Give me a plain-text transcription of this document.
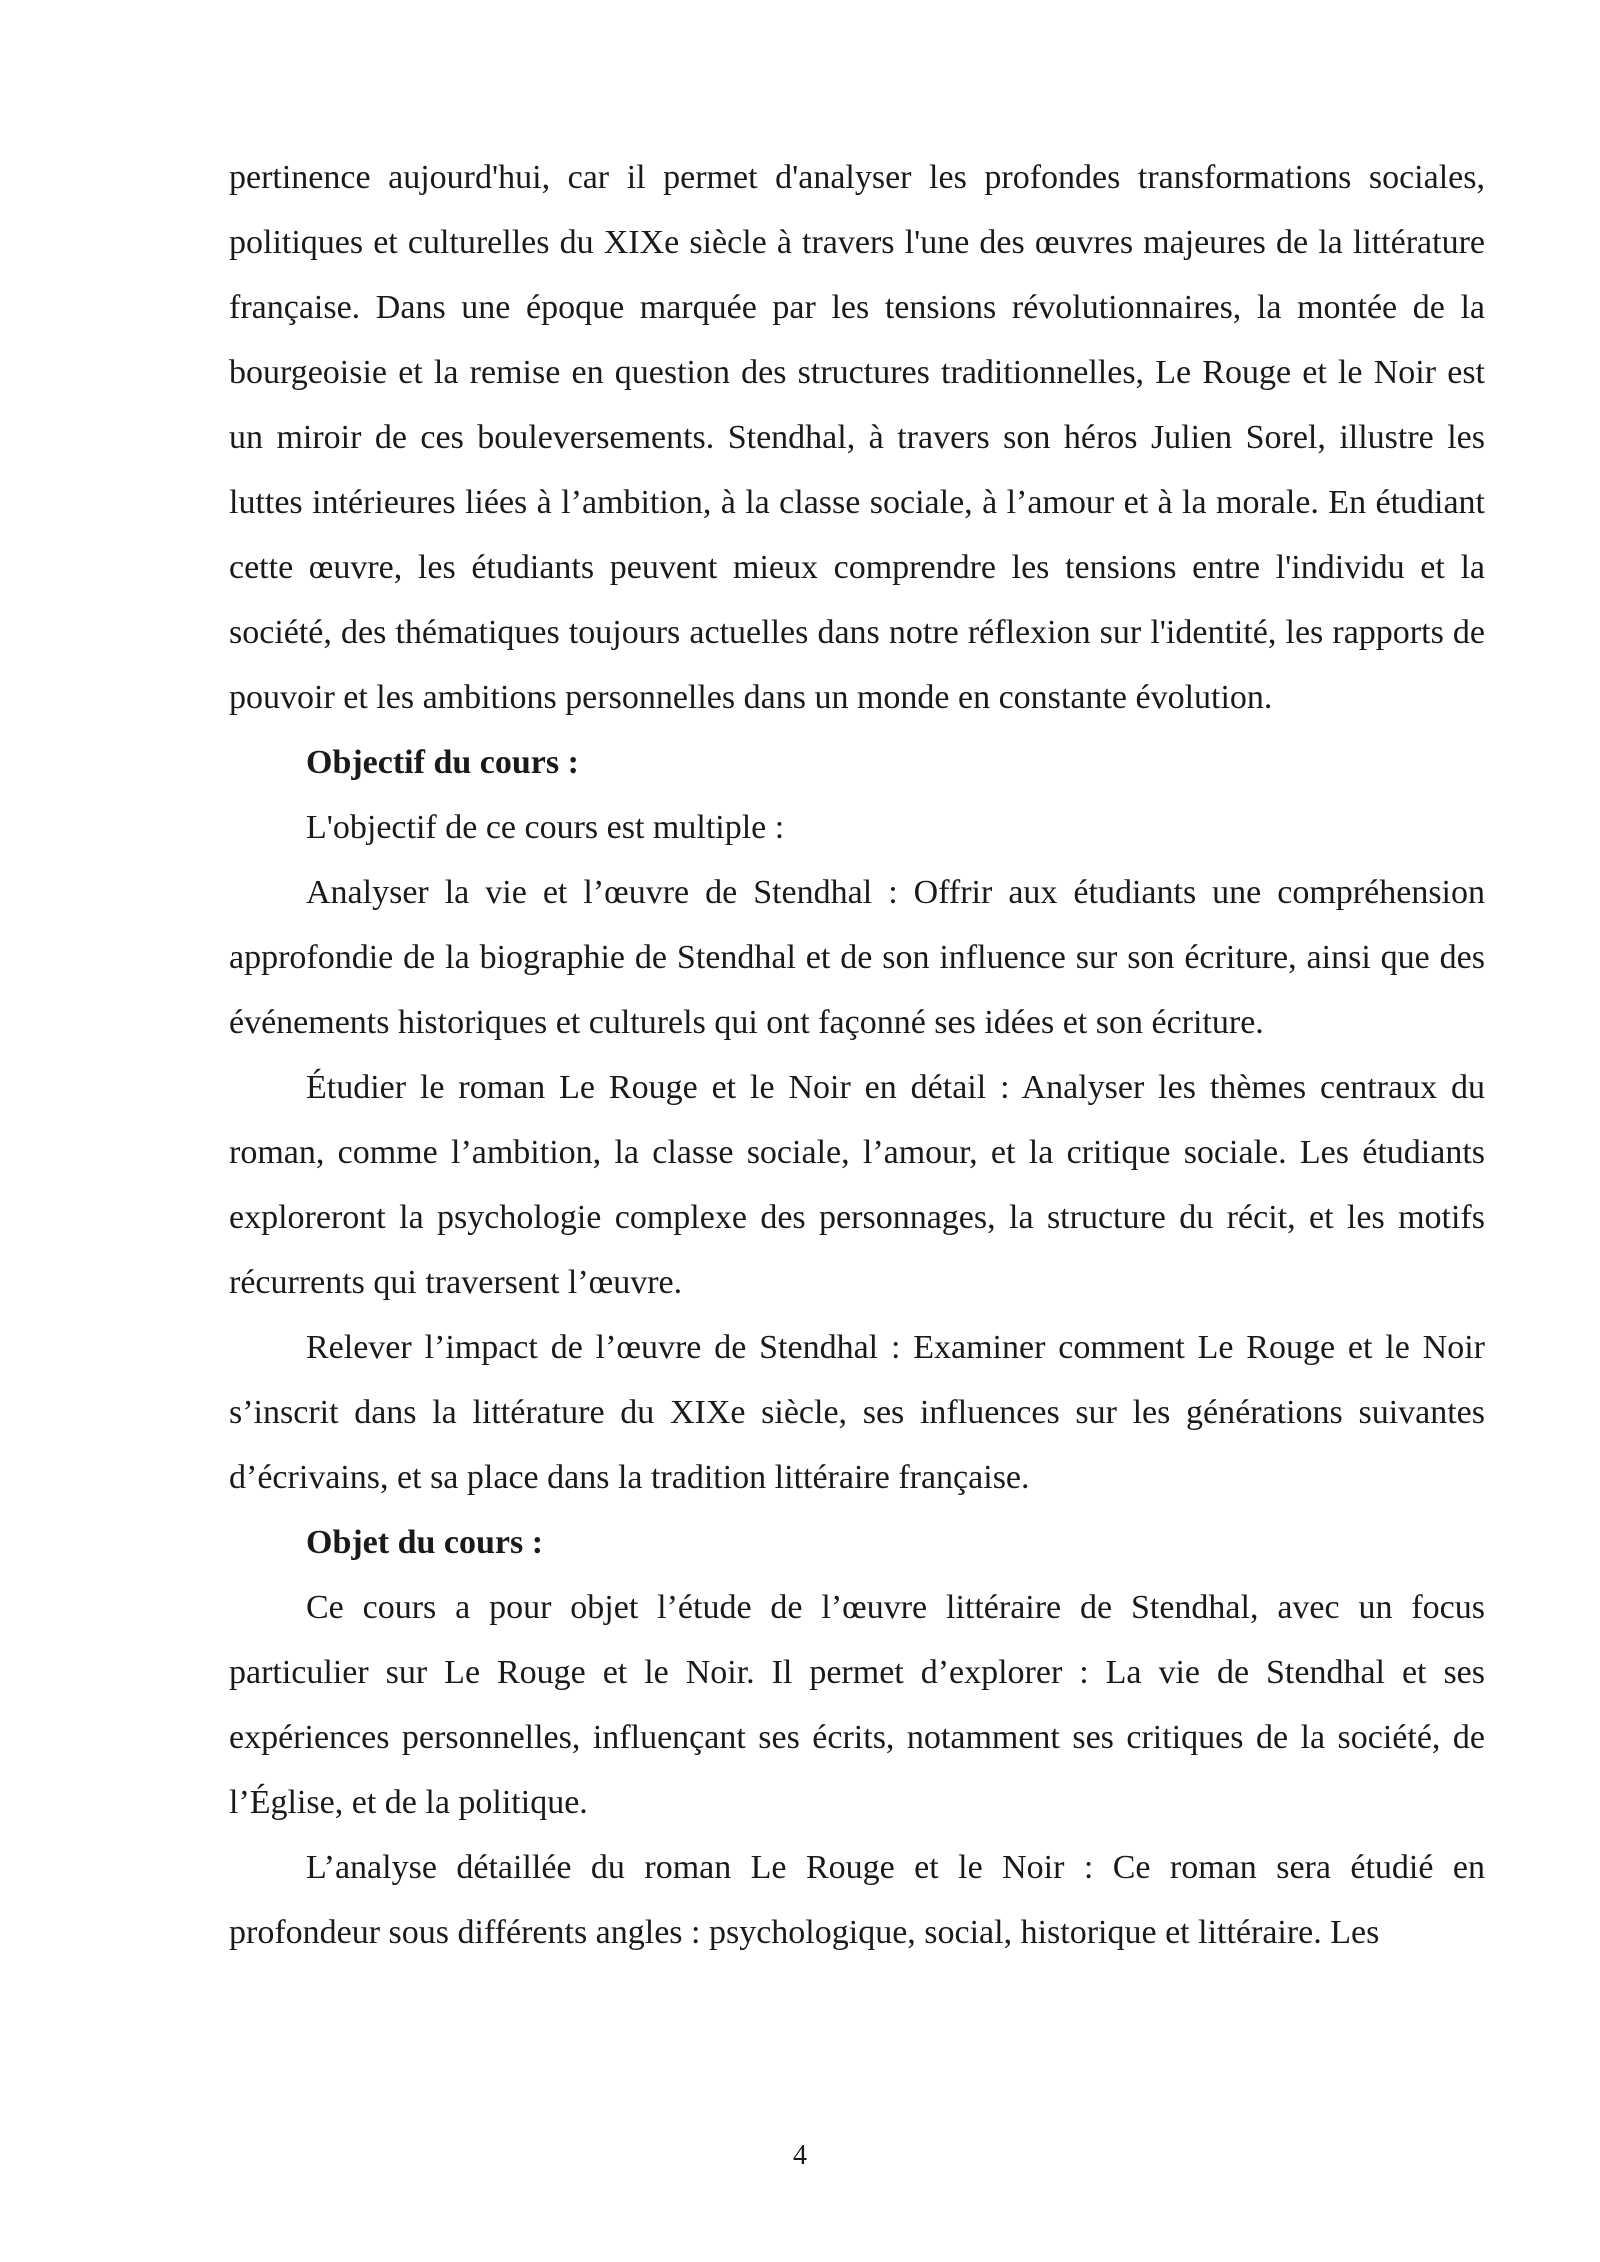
pertinence aujourd'hui, car il permet d'analyser les profondes transformations sociales, politiques et culturelles du XIXe siècle à travers l'une des œuvres majeures de la littérature française. Dans une époque marquée par les tensions révolutionnaires, la montée de la bourgeoisie et la remise en question des structures traditionnelles, Le Rouge et le Noir est un miroir de ces bouleversements. Stendhal, à travers son héros Julien Sorel, illustre les luttes intérieures liées à l’ambition, à la classe sociale, à l’amour et à la morale. En étudiant cette œuvre, les étudiants peuvent mieux comprendre les tensions entre l'individu et la société, des thématiques toujours actuelles dans notre réflexion sur l'identité, les rapports de pouvoir et les ambitions personnelles dans un monde en constante évolution.

Objectif du cours :

L'objectif de ce cours est multiple :

Analyser la vie et l’œuvre de Stendhal : Offrir aux étudiants une compréhension approfondie de la biographie de Stendhal et de son influence sur son écriture, ainsi que des événements historiques et culturels qui ont façonné ses idées et son écriture.

Étudier le roman Le Rouge et le Noir en détail : Analyser les thèmes centraux du roman, comme l’ambition, la classe sociale, l’amour, et la critique sociale. Les étudiants exploreront la psychologie complexe des personnages, la structure du récit, et les motifs récurrents qui traversent l’œuvre.

Relever l’impact de l’œuvre de Stendhal : Examiner comment Le Rouge et le Noir s’inscrit dans la littérature du XIXe siècle, ses influences sur les générations suivantes d’écrivains, et sa place dans la tradition littéraire française.

Objet du cours :

Ce cours a pour objet l’étude de l’œuvre littéraire de Stendhal, avec un focus particulier sur Le Rouge et le Noir. Il permet d’explorer : La vie de Stendhal et ses expériences personnelles, influençant ses écrits, notamment ses critiques de la société, de l’Église, et de la politique.

L’analyse détaillée du roman Le Rouge et le Noir : Ce roman sera étudié en profondeur sous différents angles : psychologique, social, historique et littéraire. Les

4
